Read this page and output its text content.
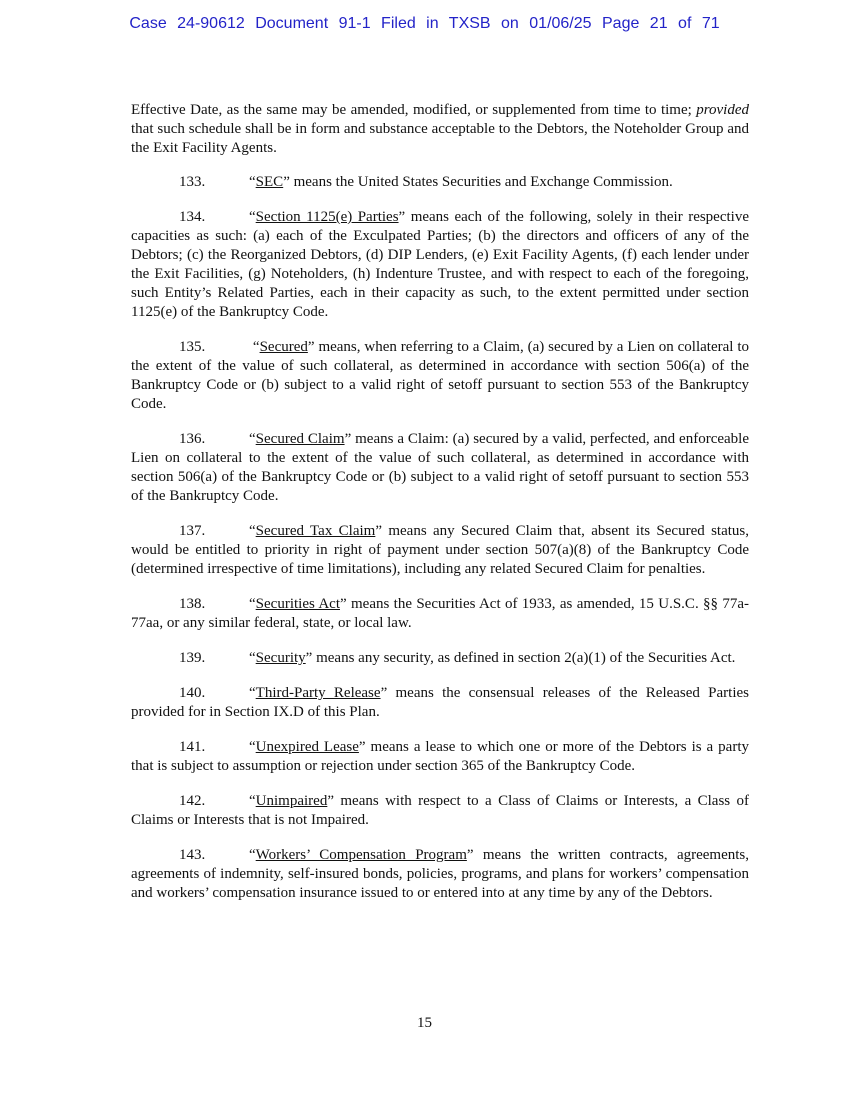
Case 24-90612 Document 91-1 Filed in TXSB on 01/06/25 Page 21 of 71

Effective Date, as the same may be amended, modified, or supplemented from time to time; provided that such schedule shall be in form and substance acceptable to the Debtors, the Noteholder Group and the Exit Facility Agents.

133.	“SEC” means the United States Securities and Exchange Commission.

134.	“Section 1125(e) Parties” means each of the following, solely in their respective capacities as such: (a) each of the Exculpated Parties; (b) the directors and officers of any of the Debtors; (c) the Reorganized Debtors, (d) DIP Lenders, (e) Exit Facility Agents, (f) each lender under the Exit Facilities, (g) Noteholders, (h) Indenture Trustee, and with respect to each of the foregoing, such Entity’s Related Parties, each in their capacity as such, to the extent permitted under section 1125(e) of the Bankruptcy Code.

135.	“Secured” means, when referring to a Claim, (a) secured by a Lien on collateral to the extent of the value of such collateral, as determined in accordance with section 506(a) of the Bankruptcy Code or (b) subject to a valid right of setoff pursuant to section 553 of the Bankruptcy Code.

136.	“Secured Claim” means a Claim: (a) secured by a valid, perfected, and enforceable Lien on collateral to the extent of the value of such collateral, as determined in accordance with section 506(a) of the Bankruptcy Code or (b) subject to a valid right of setoff pursuant to section 553 of the Bankruptcy Code.

137.	“Secured Tax Claim” means any Secured Claim that, absent its Secured status, would be entitled to priority in right of payment under section 507(a)(8) of the Bankruptcy Code (determined irrespective of time limitations), including any related Secured Claim for penalties.

138.	“Securities Act” means the Securities Act of 1933, as amended, 15 U.S.C. §§ 77a-77aa, or any similar federal, state, or local law.

139.	“Security” means any security, as defined in section 2(a)(1) of the Securities Act.

140.	“Third-Party Release” means the consensual releases of the Released Parties provided for in Section IX.D of this Plan.

141.	“Unexpired Lease” means a lease to which one or more of the Debtors is a party that is subject to assumption or rejection under section 365 of the Bankruptcy Code.

142.	“Unimpaired” means with respect to a Class of Claims or Interests, a Class of Claims or Interests that is not Impaired.

143.	“Workers’ Compensation Program” means the written contracts, agreements, agreements of indemnity, self-insured bonds, policies, programs, and plans for workers’ compensation and workers’ compensation insurance issued to or entered into at any time by any of the Debtors.

15
